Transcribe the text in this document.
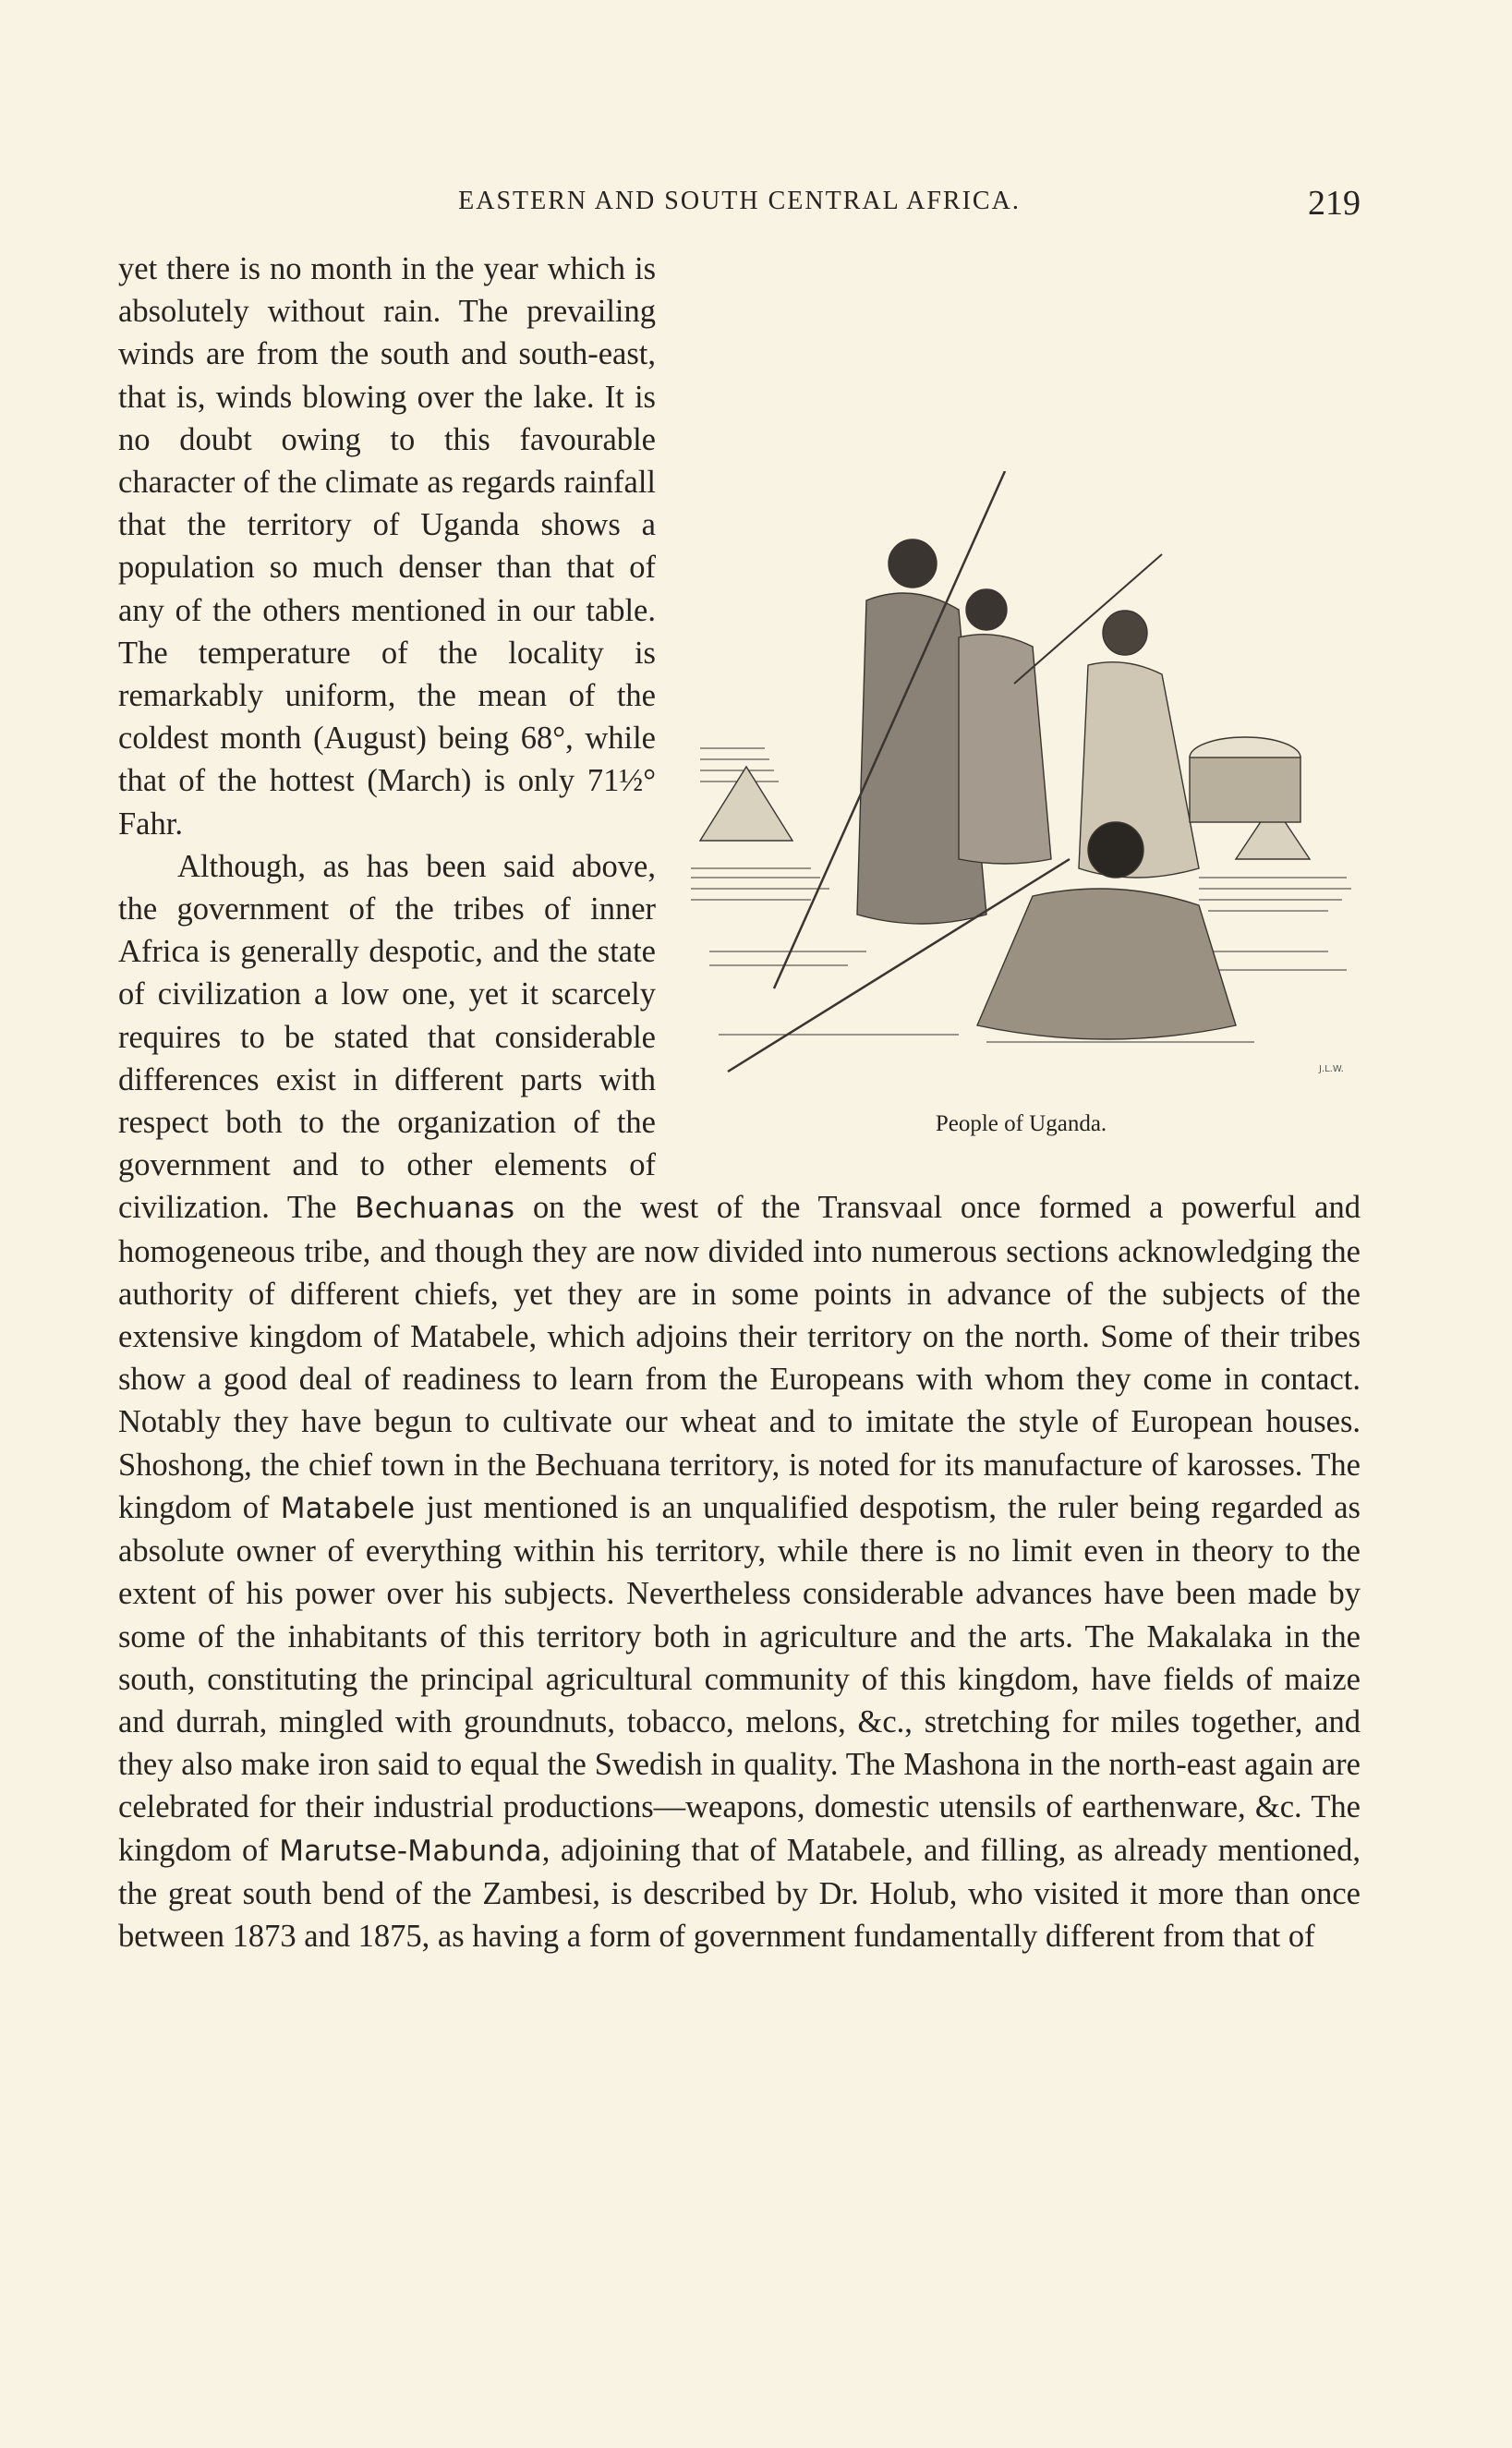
EASTERN AND SOUTH CENTRAL AFRICA.	219
J.L.W.
People of Uganda.

yet there is no month in the year which is absolutely without rain. The prevailing winds are from the south and south-east, that is, winds blowing over the lake. It is no doubt owing to this favourable character of the climate as regards rainfall that the territory of Uganda shows a population so much denser than that of any of the others mentioned in our table. The temperature of the locality is remarkably uniform, the mean of the coldest month (August) being 68°, while that of the hottest (March) is only 71½° Fahr.

Although, as has been said above, the government of the tribes of inner Africa is generally despotic, and the state of civilization a low one, yet it scarcely requires to be stated that considerable differences exist in different parts with respect both to the organization of the government and to other elements of civilization. The Bechuanas on the west of the Transvaal once formed a powerful and homogeneous tribe, and though they are now divided into numerous sections acknowledging the authority of different chiefs, yet they are in some points in advance of the subjects of the extensive kingdom of Matabele, which adjoins their territory on the north. Some of their tribes show a good deal of readiness to learn from the Europeans with whom they come in contact. Notably they have begun to cultivate our wheat and to imitate the style of European houses. Shoshong, the chief town in the Bechuana territory, is noted for its manufacture of karosses. The kingdom of Matabele just mentioned is an unqualified despotism, the ruler being regarded as absolute owner of everything within his territory, while there is no limit even in theory to the extent of his power over his subjects. Nevertheless considerable advances have been made by some of the inhabitants of this territory both in agriculture and the arts. The Makalaka in the south, constituting the principal agricultural community of this kingdom, have fields of maize and durrah, mingled with groundnuts, tobacco, melons, &c., stretching for miles together, and they also make iron said to equal the Swedish in quality. The Mashona in the north-east again are celebrated for their industrial productions—weapons, domestic utensils of earthenware, &c. The kingdom of Marutse-Mabunda, adjoining that of Matabele, and filling, as already mentioned, the great south bend of the Zambesi, is described by Dr. Holub, who visited it more than once between 1873 and 1875, as having a form of government fundamentally different from that of
